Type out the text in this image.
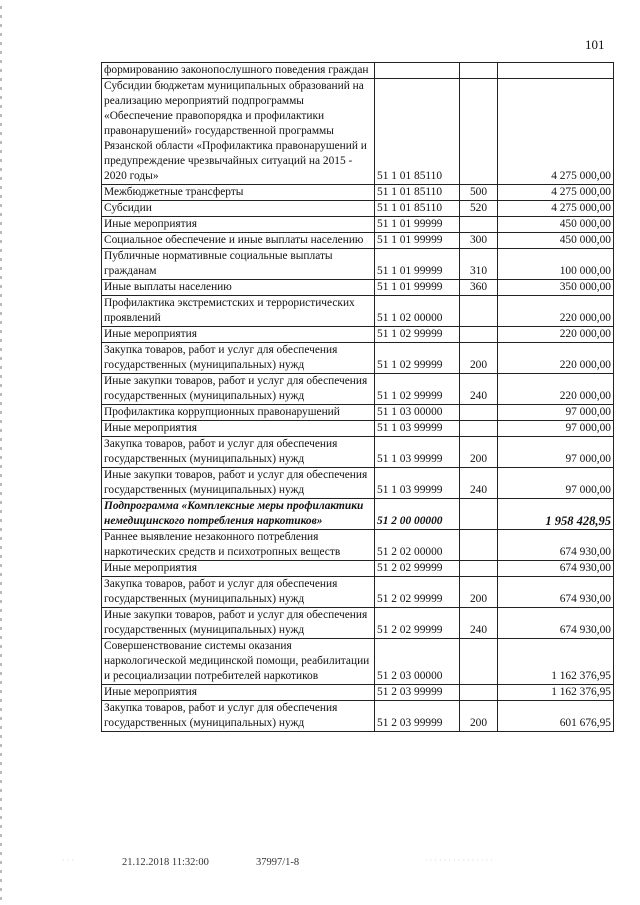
101
формированию законопослушного поведения граждан			
Субсидии бюджетам муниципальных образований на реализацию мероприятий подпрограммы «Обеспечение правопорядка и профилактики правонарушений» государственной программы Рязанской области «Профилактика правонарушений и предупреждение чрезвычайных ситуаций на 2015 - 2020 годы»	51 1 01 85110		4 275 000,00
Межбюджетные трансферты	51 1 01 85110	500	4 275 000,00
Субсидии	51 1 01 85110	520	4 275 000,00
Иные мероприятия	51 1 01 99999		450 000,00
Социальное обеспечение и иные выплаты населению	51 1 01 99999	300	450 000,00
Публичные нормативные социальные выплаты гражданам	51 1 01 99999	310	100 000,00
Иные выплаты населению	51 1 01 99999	360	350 000,00
Профилактика экстремистских и террористических проявлений	51 1 02 00000		220 000,00
Иные мероприятия	51 1 02 99999		220 000,00
Закупка товаров, работ и услуг для обеспечения государственных (муниципальных) нужд	51 1 02 99999	200	220 000,00
Иные закупки товаров, работ и услуг для обеспечения государственных (муниципальных) нужд	51 1 02 99999	240	220 000,00
Профилактика коррупционных правонарушений	51 1 03 00000		97 000,00
Иные мероприятия	51 1 03 99999		97 000,00
Закупка товаров, работ и услуг для обеспечения государственных (муниципальных) нужд	51 1 03 99999	200	97 000,00
Иные закупки товаров, работ и услуг для обеспечения государственных (муниципальных) нужд	51 1 03 99999	240	97 000,00
Подпрограмма «Комплексные меры профилактики немедицинского потребления наркотиков»	51 2 00 00000		1 958 428,95
Раннее выявление незаконного потребления наркотических средств и психотропных веществ	51 2 02 00000		674 930,00
Иные мероприятия	51 2 02 99999		674 930,00
Закупка товаров, работ и услуг для обеспечения государственных (муниципальных) нужд	51 2 02 99999	200	674 930,00
Иные закупки товаров, работ и услуг для обеспечения государственных (муниципальных) нужд	51 2 02 99999	240	674 930,00
Совершенствование системы оказания наркологической медицинской помощи, реабилитации и ресоциализации потребителей наркотиков	51 2 03 00000		1 162 376,95
Иные мероприятия	51 2 03 99999		1 162 376,95
Закупка товаров, работ и услуг для обеспечения государственных (муниципальных) нужд	51 2 03 99999	200	601 676,95
· · ·	21.12.2018 11:32:00	37997/1-8	· · · · · · · · · · · · · · ·
